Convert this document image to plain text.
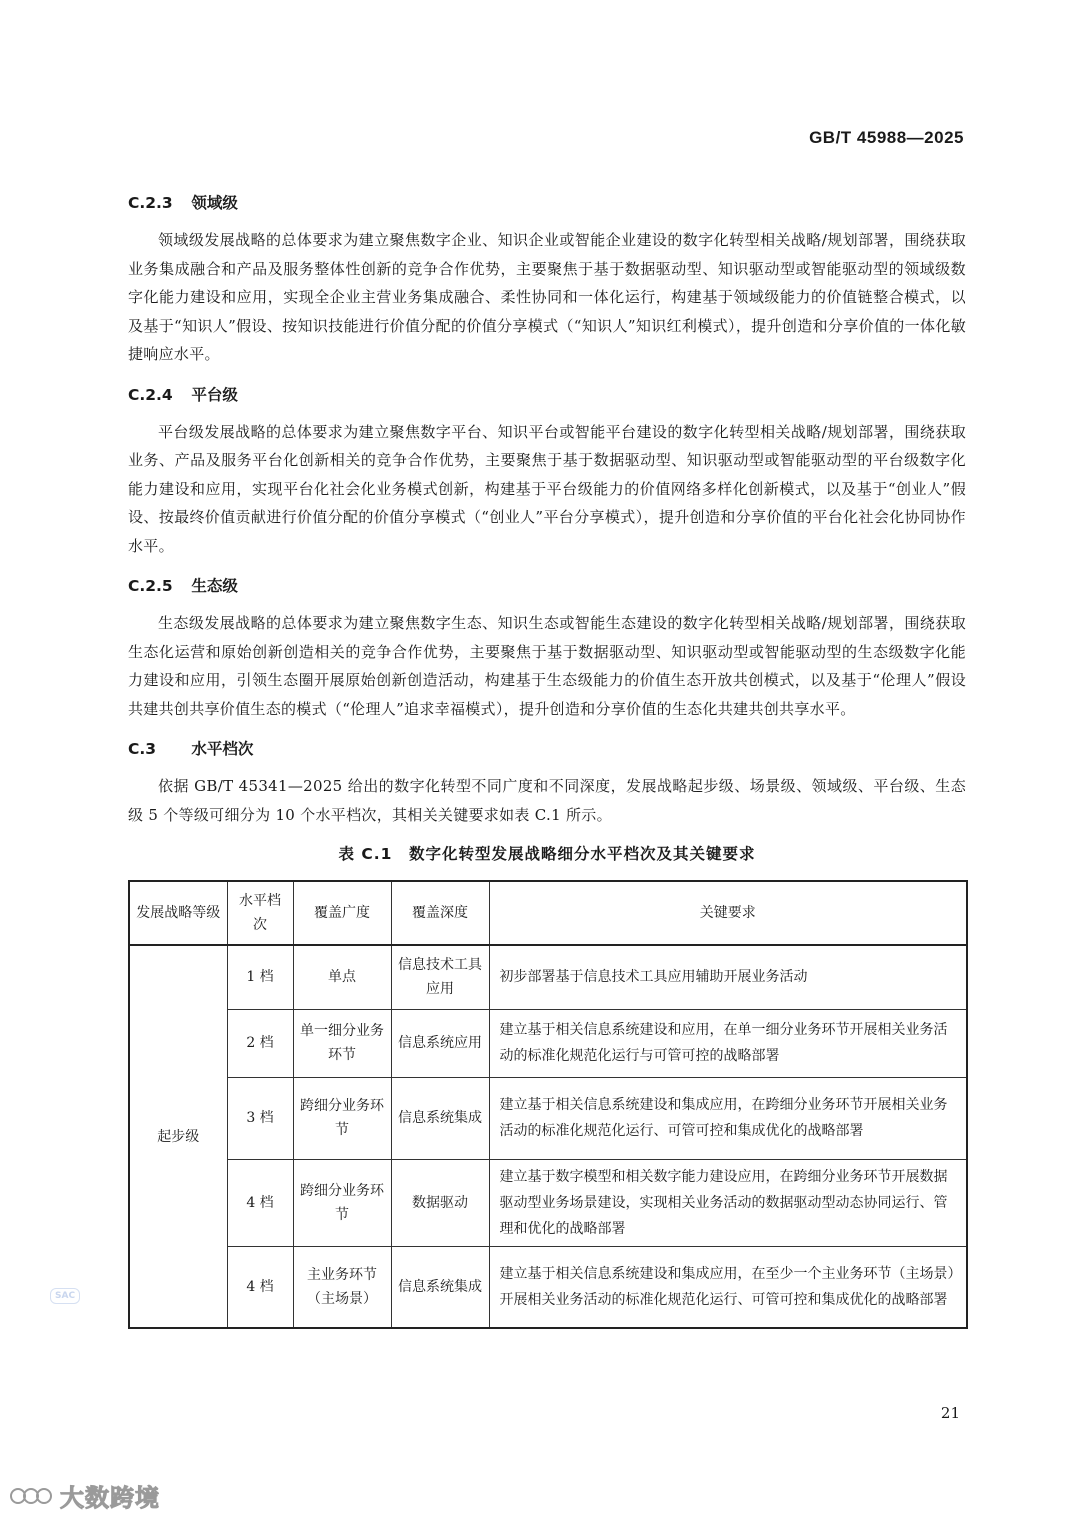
GB/T 45988—2025
C.2.3 领域级

领域级发展战略的总体要求为建立聚焦数字企业、知识企业或智能企业建设的数字化转型相关战略/规划部署，围绕获取业务集成融合和产品及服务整体性创新的竞争合作优势，主要聚焦于基于数据驱动型、知识驱动型或智能驱动型的领域级数字化能力建设和应用，实现全企业主营业务集成融合、柔性协同和一体化运行，构建基于领域级能力的价值链整合模式，以及基于“知识人”假设、按知识技能进行价值分配的价值分享模式（“知识人”知识红利模式），提升创造和分享价值的一体化敏捷响应水平。

C.2.4 平台级

平台级发展战略的总体要求为建立聚焦数字平台、知识平台或智能平台建设的数字化转型相关战略/规划部署，围绕获取业务、产品及服务平台化创新相关的竞争合作优势，主要聚焦于基于数据驱动型、知识驱动型或智能驱动型的平台级数字化能力建设和应用，实现平台化社会化业务模式创新，构建基于平台级能力的价值网络多样化创新模式，以及基于“创业人”假设、按最终价值贡献进行价值分配的价值分享模式（“创业人”平台分享模式），提升创造和分享价值的平台化社会化协同协作水平。

C.2.5 生态级

生态级发展战略的总体要求为建立聚焦数字生态、知识生态或智能生态建设的数字化转型相关战略/规划部署，围绕获取生态化运营和原始创新创造相关的竞争合作优势，主要聚焦于基于数据驱动型、知识驱动型或智能驱动型的生态级数字化能力建设和应用，引领生态圈开展原始创新创造活动，构建基于生态级能力的价值生态开放共创模式，以及基于“伦理人”假设共建共创共享价值生态的模式（“伦理人”追求幸福模式），提升创造和分享价值的生态化共建共创共享水平。

C.3 水平档次

依据 GB/T 45341—2025 给出的数字化转型不同广度和不同深度，发展战略起步级、场景级、领域级、平台级、生态级 5 个等级可细分为 10 个水平档次，其相关关键要求如表 C.1 所示。

表 C.1　数字化转型发展战略细分水平档次及其关键要求
发展战略等级	水平档次	覆盖广度	覆盖深度	关键要求
起步级	1 档	单点	信息技术工具应用	初步部署基于信息技术工具应用辅助开展业务活动
	2 档	单一细分业务环节	信息系统应用	建立基于相关信息系统建设和应用，在单一细分业务环节开展相关业务活动的标准化规范化运行与可管可控的战略部署
	3 档	跨细分业务环节	信息系统集成	建立基于相关信息系统建设和集成应用，在跨细分业务环节开展相关业务活动的标准化规范化运行、可管可控和集成优化的战略部署
	4 档	跨细分业务环节	数据驱动	建立基于数字模型和相关数字能力建设应用，在跨细分业务环节开展数据驱动型业务场景建设，实现相关业务活动的数据驱动型动态协同运行、管理和优化的战略部署
	4 档	主业务环节（主场景）	信息系统集成	建立基于相关信息系统建设和集成应用，在至少一个主业务环节（主场景）开展相关业务活动的标准化规范化运行、可管可控和集成优化的战略部署
SAC
21
大数跨境
